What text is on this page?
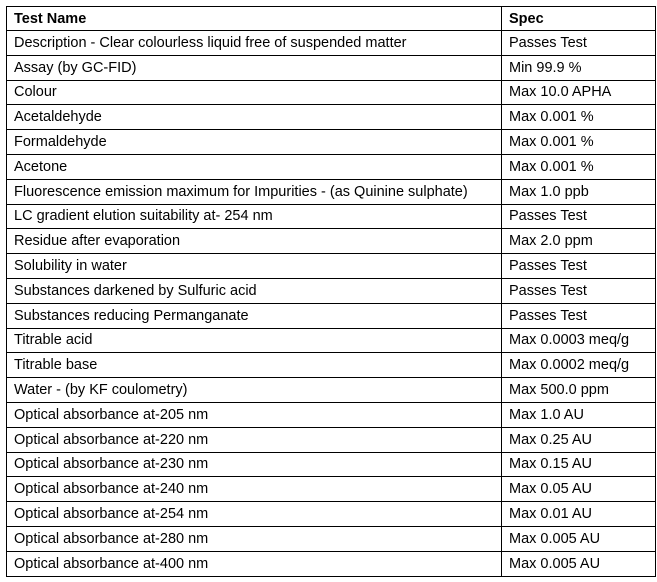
Test Name	Spec
Description - Clear colourless liquid free of suspended matter	Passes Test
Assay (by GC-FID)	Min 99.9 %
Colour	Max 10.0 APHA
Acetaldehyde	Max 0.001 %
Formaldehyde	Max 0.001 %
Acetone	Max 0.001 %
Fluorescence emission maximum for Impurities - (as Quinine sulphate)	Max 1.0 ppb
LC gradient elution suitability at- 254 nm	Passes Test
Residue after evaporation	Max 2.0 ppm
Solubility in water	Passes Test
Substances darkened by Sulfuric acid	Passes Test
Substances reducing Permanganate	Passes Test
Titrable acid	Max 0.0003 meq/g
Titrable base	Max 0.0002 meq/g
Water - (by KF coulometry)	Max 500.0 ppm
Optical absorbance at-205 nm	Max 1.0 AU
Optical absorbance at-220 nm	Max 0.25 AU
Optical absorbance at-230 nm	Max 0.15 AU
Optical absorbance at-240 nm	Max 0.05 AU
Optical absorbance at-254 nm	Max 0.01 AU
Optical absorbance at-280 nm	Max 0.005 AU
Optical absorbance at-400 nm	Max 0.005 AU
